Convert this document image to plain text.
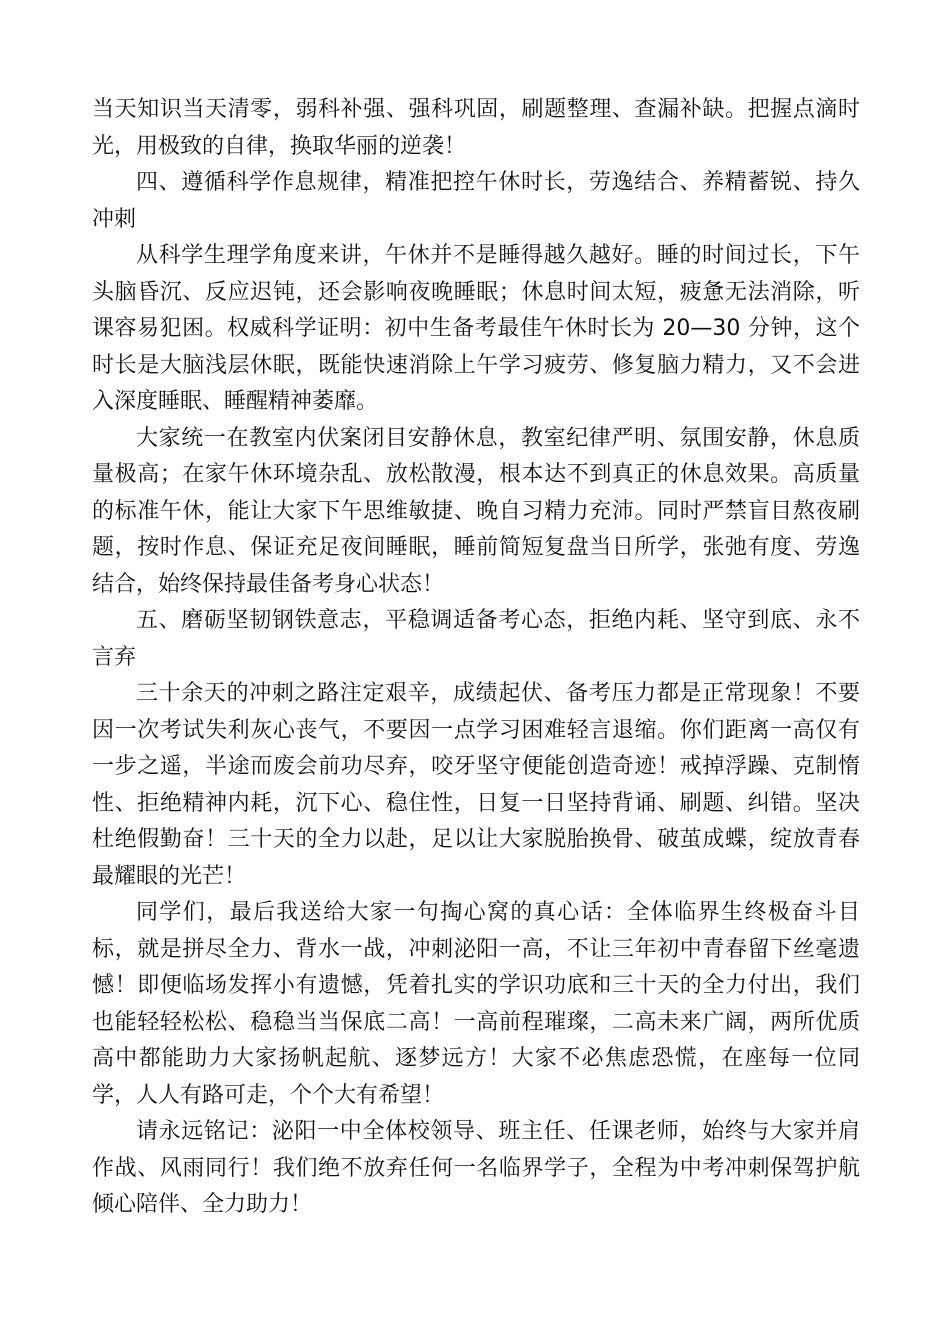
当天知识当天清零，弱科补强、强科巩固，刷题整理、查漏补缺。把握点滴时光，用极致的自律，换取华丽的逆袭！

四、遵循科学作息规律，精准把控午休时长，劳逸结合、养精蓄锐、持久冲刺

从科学生理学角度来讲，午休并不是睡得越久越好。睡的时间过长，下午头脑昏沉、反应迟钝，还会影响夜晚睡眠；休息时间太短，疲惫无法消除，听课容易犯困。权威科学证明：初中生备考最佳午休时长为 20—30 分钟，这个时长是大脑浅层休眠，既能快速消除上午学习疲劳、修复脑力精力，又不会进入深度睡眠、睡醒精神萎靡。

大家统一在教室内伏案闭目安静休息，教室纪律严明、氛围安静，休息质量极高；在家午休环境杂乱、放松散漫，根本达不到真正的休息效果。高质量的标准午休，能让大家下午思维敏捷、晚自习精力充沛。同时严禁盲目熬夜刷题，按时作息、保证充足夜间睡眠，睡前简短复盘当日所学，张弛有度、劳逸结合，始终保持最佳备考身心状态！

五、磨砺坚韧钢铁意志，平稳调适备考心态，拒绝内耗、坚守到底、永不言弃

三十余天的冲刺之路注定艰辛，成绩起伏、备考压力都是正常现象！不要因一次考试失利灰心丧气，不要因一点学习困难轻言退缩。你们距离一高仅有一步之遥，半途而废会前功尽弃，咬牙坚守便能创造奇迹！戒掉浮躁、克制惰性、拒绝精神内耗，沉下心、稳住性，日复一日坚持背诵、刷题、纠错。坚决杜绝假勤奋！三十天的全力以赴，足以让大家脱胎换骨、破茧成蝶，绽放青春最耀眼的光芒！

同学们，最后我送给大家一句掏心窝的真心话：全体临界生终极奋斗目标，就是拼尽全力、背水一战，冲刺泌阳一高，不让三年初中青春留下丝毫遗憾！即便临场发挥小有遗憾，凭着扎实的学识功底和三十天的全力付出，我们也能轻轻松松、稳稳当当保底二高！一高前程璀璨，二高未来广阔，两所优质高中都能助力大家扬帆起航、逐梦远方！大家不必焦虑恐慌，在座每一位同学，人人有路可走，个个大有希望！

请永远铭记：泌阳一中全体校领导、班主任、任课老师，始终与大家并肩作战、风雨同行！我们绝不放弃任何一名临界学子，全程为中考冲刺保驾护航倾心陪伴、全力助力！
